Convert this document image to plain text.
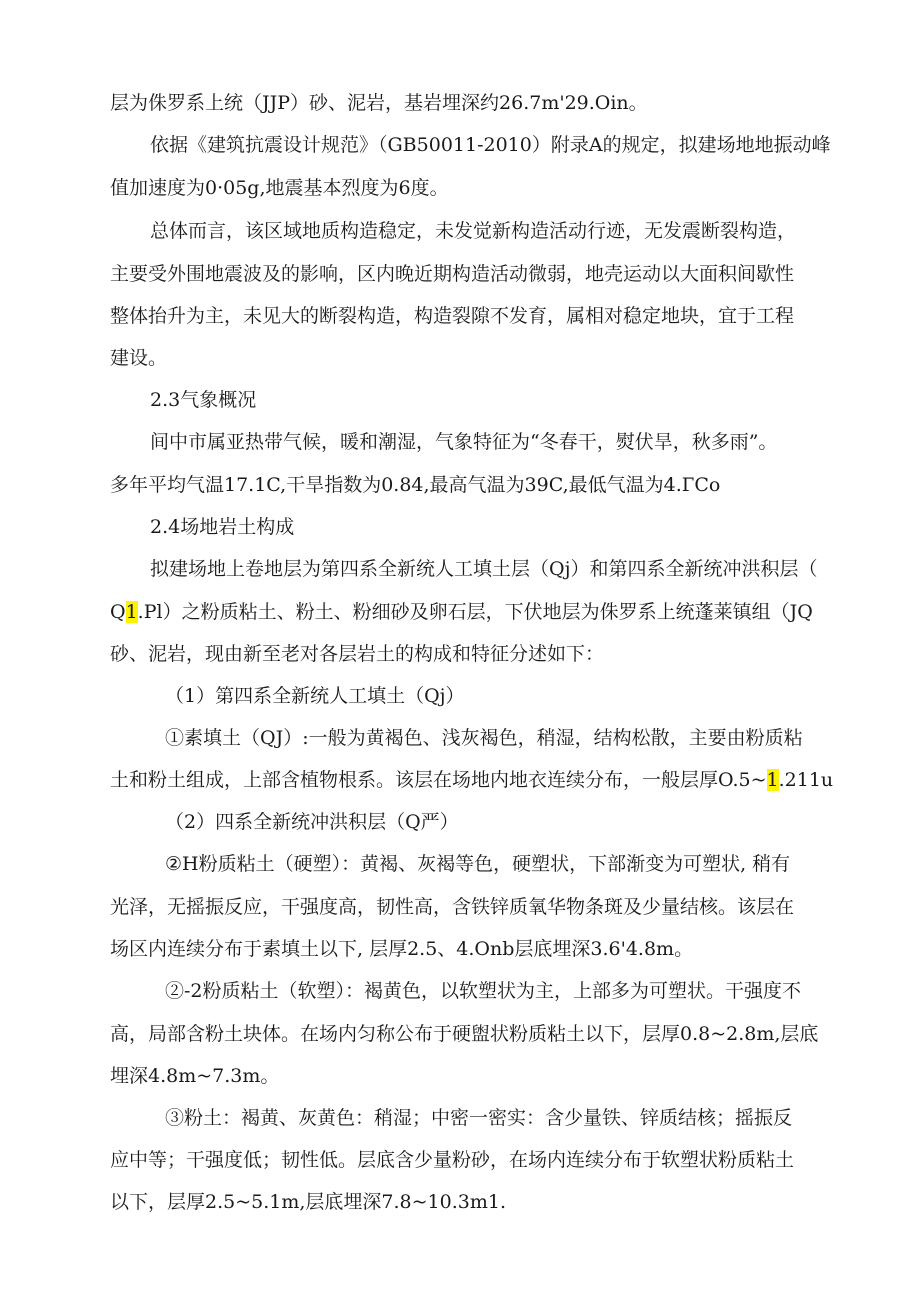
层为侏罗系上统（JJP）砂、泥岩，基岩埋深约26.7m'29.Oin。
依据《建筑抗震设计规范》（GB50011-2010）附录A的规定，拟建场地地振动峰
值加速度为0·05g,地震基本烈度为6度。
总体而言，该区域地质构造稳定，未发觉新构造活动行迹，无发震断裂构造，
主要受外围地震波及的影响，区内晚近期构造活动微弱，地壳运动以大面积间歇性
整体抬升为主，未见大的断裂构造，构造裂隙不发育，属相对稳定地块，宜于工程
建设。
2.3气象概况
间中市属亚热带气候，暖和潮湿，气象特征为“冬春干，熨伏旱，秋多雨”。
多年平均气温17.1C,干旱指数为0.84,最高气温为39C,最低气温为4.ГCo
2.4场地岩土构成
拟建场地上卷地层为第四系全新统人工填土层（Qj）和第四系全新统冲洪积层（
Q1.Pl）之粉质粘土、粉土、粉细砂及卵石层，下伏地层为侏罗系上统蓬莱镇组（JQ
砂、泥岩，现由新至老对各层岩土的构成和特征分述如下：
（1）第四系全新统人工填土（Qj）
①素填土（QJ）:一般为黄褐色、浅灰褐色，稍湿，结构松散，主要由粉质粘
土和粉土组成，上部含植物根系。该层在场地内地衣连续分布，一般层厚O.5~1.211u
（2）四系全新统冲洪积层（Q严）
②H粉质粘土（硬塑）：黄褐、灰褐等色，硬塑状，下部渐变为可塑状, 稍有
光泽，无摇振反应，干强度高，韧性高，含铁锌质氧华物条斑及少量结核。该层在
场区内连续分布于素填土以下, 层厚2.5、4.Onb层底埋深3.6'4.8m。
②-2粉质粘土（软塑）：褐黄色，以软塑状为主，上部多为可塑状。干强度不
高，局部含粉土块体。在场内匀称公布于硬盥状粉质粘土以下，层厚0.8~2.8m,层底
埋深4.8m~7.3m。
③粉土：褐黄、灰黄色：稍湿；中密一密实：含少量铁、锌质结核；摇振反
应中等；干强度低；韧性低。层底含少量粉砂，在场内连续分布于软塑状粉质粘土
以下，层厚2.5~5.1m,层底埋深7.8~10.3m1.
